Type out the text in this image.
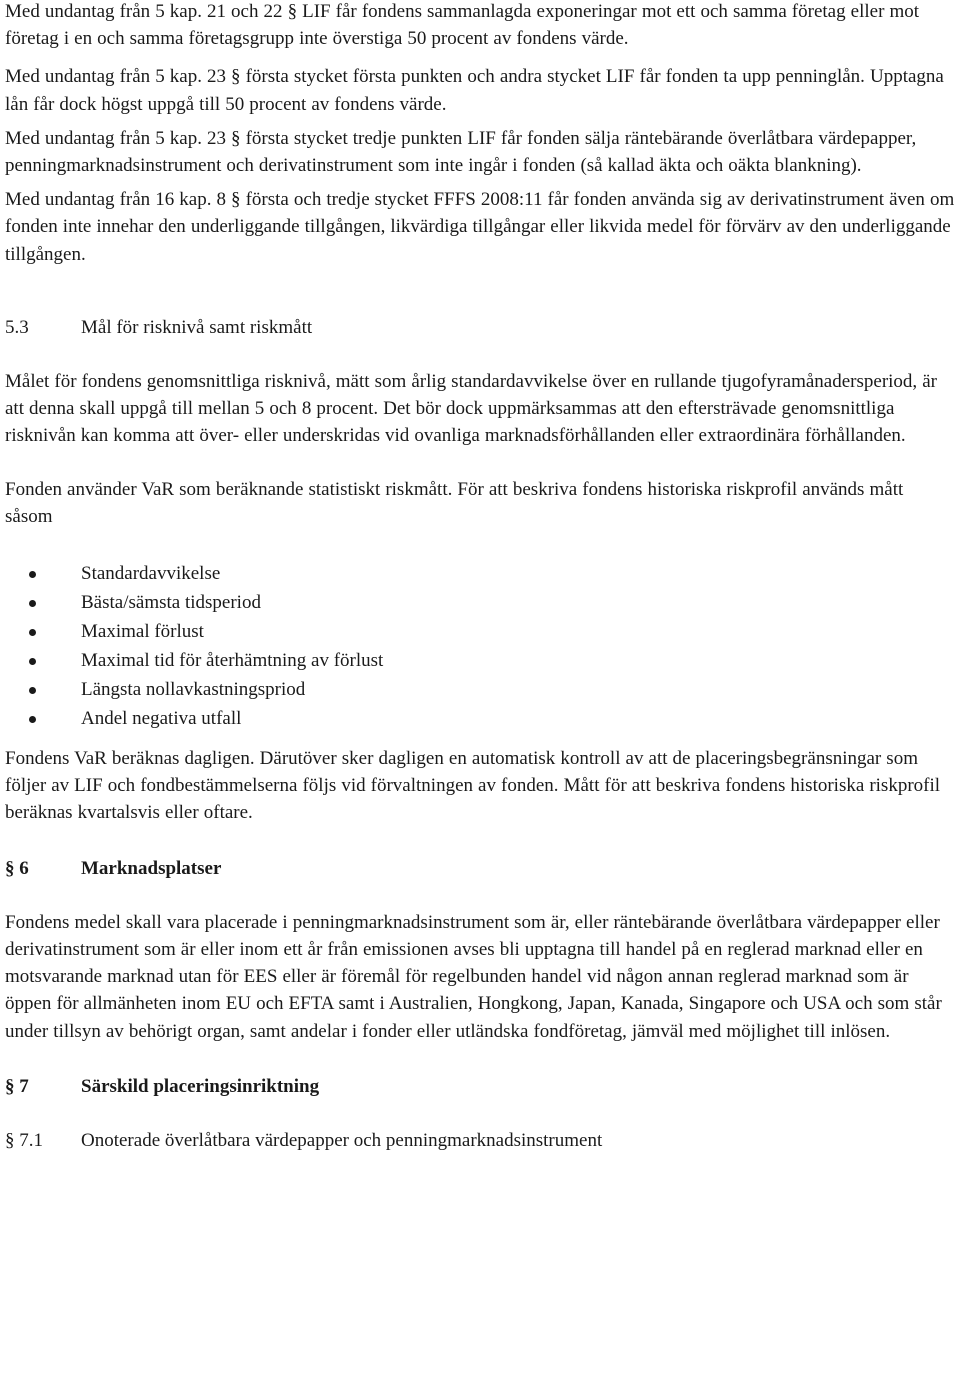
Med undantag från 5 kap. 21 och 22 § LIF får fondens sammanlagda exponeringar mot ett och samma företag eller mot företag i en och samma företagsgrupp inte överstiga 50 procent av fondens värde.

Med undantag från 5 kap. 23 § första stycket första punkten och andra stycket LIF får fonden ta upp penninglån. Upptagna lån får dock högst uppgå till 50 procent av fondens värde.

Med undantag från 5 kap. 23 § första stycket tredje punkten LIF får fonden sälja räntebärande överlåtbara värdepapper, penningmarknadsinstrument och derivatinstrument som inte ingår i fonden (så kallad äkta och oäkta blankning).

Med undantag från 16 kap. 8 § första och tredje stycket FFFS 2008:11 får fonden använda sig av derivatinstrument även om fonden inte innehar den underliggande tillgången, likvärdiga tillgångar eller likvida medel för förvärv av den underliggande tillgången.

5.3	Mål för risknivå samt riskmått

Målet för fondens genomsnittliga risknivå, mätt som årlig standardavvikelse över en rullande tjugofyramånadersperiod, är att denna skall uppgå till mellan 5 och 8 procent. Det bör dock uppmärksammas att den eftersträvade genomsnittliga risknivån kan komma att över- eller underskridas vid ovanliga marknadsförhållanden eller extraordinära förhållanden.

Fonden använder VaR som beräknande statistiskt riskmått. För att beskriva fondens historiska riskprofil används mått såsom

Standardavvikelse
Bästa/sämsta tidsperiod
Maximal förlust
Maximal tid för återhämtning av förlust
Längsta nollavkastningspriod
Andel negativa utfall

Fondens VaR beräknas dagligen. Därutöver sker dagligen en automatisk kontroll av att de placeringsbegränsningar som följer av LIF och fondbestämmelserna följs vid förvaltningen av fonden. Mått för att beskriva fondens historiska riskprofil beräknas kvartalsvis eller oftare.

§ 6	Marknadsplatser

Fondens medel skall vara placerade i penningmarknadsinstrument som är, eller räntebärande överlåtbara värdepapper eller derivatinstrument som är eller inom ett år från emissionen avses bli upptagna till handel på en reglerad marknad eller en motsvarande marknad utan för EES eller är föremål för regelbunden handel vid någon annan reglerad marknad som är öppen för allmänheten inom EU och EFTA samt i Australien, Hongkong, Japan, Kanada, Singapore och USA och som står under tillsyn av behörigt organ, samt andelar i fonder eller utländska fondföretag, jämväl med möjlighet till inlösen.

§ 7	Särskild placeringsinriktning
§ 7.1	Onoterade överlåtbara värdepapper och penningmarknadsinstrument
